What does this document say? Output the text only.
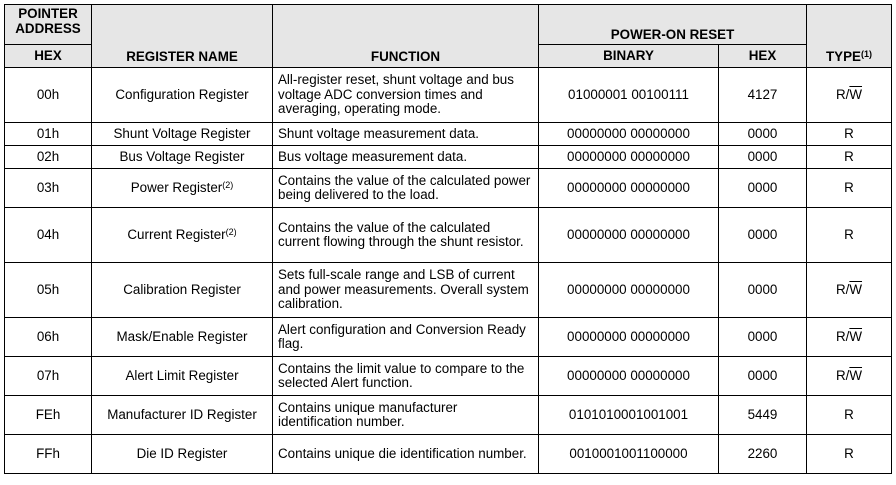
POINTER
ADDRESS	REGISTER NAME	FUNCTION	POWER-ON RESET		TYPE$^{(1)}$
HEX			BINARY	HEX	
00h	Configuration Register	All-register reset, shunt voltage and bus voltage ADC conversion times and averaging, operating mode.	01000001 00100111	4127	$R/\overline{W}$
01h	Shunt Voltage Register	Shunt voltage measurement data.	00000000 00000000	0000	R
02h	Bus Voltage Register	Bus voltage measurement data.	00000000 00000000	0000	R
03h	Power Register$^{(2)}$	Contains the value of the calculated power being delivered to the load.	00000000 00000000	0000	R
04h	Current Register$^{(2)}$	Contains the value of the calculated current flowing through the shunt resistor.	00000000 00000000	0000	R
05h	Calibration Register	Sets full-scale range and LSB of current and power measurements. Overall system calibration.	00000000 00000000	0000	$R/\overline{W}$
06h	Mask/Enable Register	Alert configuration and Conversion Ready flag.	00000000 00000000	0000	$R/\overline{W}$
07h	Alert Limit Register	Contains the limit value to compare to the selected Alert function.	00000000 00000000	0000	$R/\overline{W}$
FEh	Manufacturer ID Register	Contains unique manufacturer identification number.	0101010001001001	5449	R
FFh	Die ID Register	Contains unique die identification number.	0010001001100000	2260	R
